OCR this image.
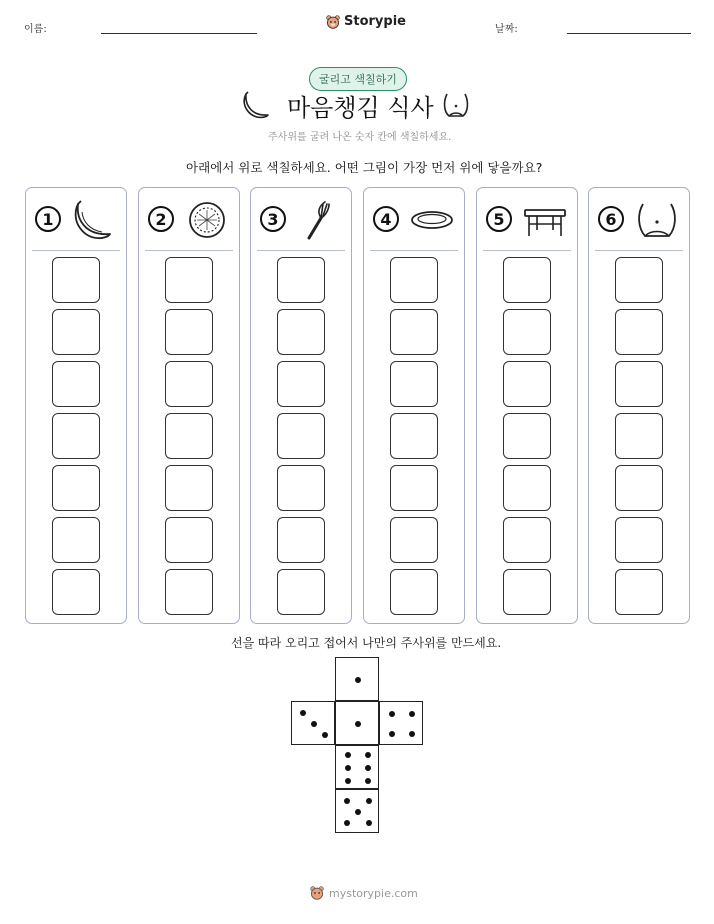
이름:
Storypie
날짜:
굴리고 색칠하기
마음챙김 식사
주사위를 굴려 나온 숫자 칸에 색칠하세요.
아래에서 위로 색칠하세요. 어떤 그림이 가장 먼저 위에 닿을까요?
1	2	3	4	5	6
선을 따라 오리고 접어서 나만의 주사위를 만드세요.
mystorypie.com
